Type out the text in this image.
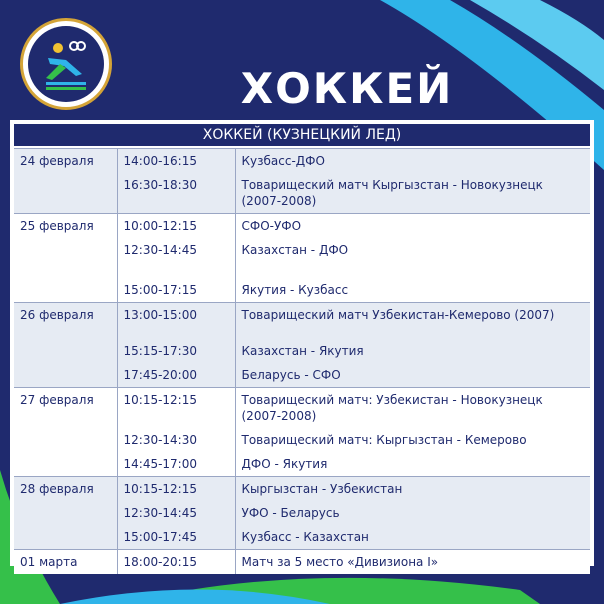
ХОККЕЙ
ХОККЕЙ (КУЗНЕЦКИЙ ЛЕД)
24 февраля	14:00-16:15	Кузбасс-ДФО
	16:30-18:30	Товарищеский матч Кыргызстан - Новокузнецк (2007-2008)
25 февраля	10:00-12:15	СФО-УФО
	12:30-14:45	Казахстан - ДФО
	15:00-17:15	Якутия - Кузбасс
26 февраля	13:00-15:00	Товарищеский матч Узбекистан-Кемерово (2007)
	15:15-17:30	Казахстан - Якутия
	17:45-20:00	Беларусь - СФО
27 февраля	10:15-12:15	Товарищеский матч: Узбекистан - Новокузнецк (2007-2008)
	12:30-14:30	Товарищеский матч: Кыргызстан - Кемерово
	14:45-17:00	ДФО - Якутия
28 февраля	10:15-12:15	Кыргызстан - Узбекистан
	12:30-14:45	УФО - Беларусь
	15:00-17:45	Кузбасс - Казахстан
01 марта	18:00-20:15	Матч за 5 место «Дивизиона I»
